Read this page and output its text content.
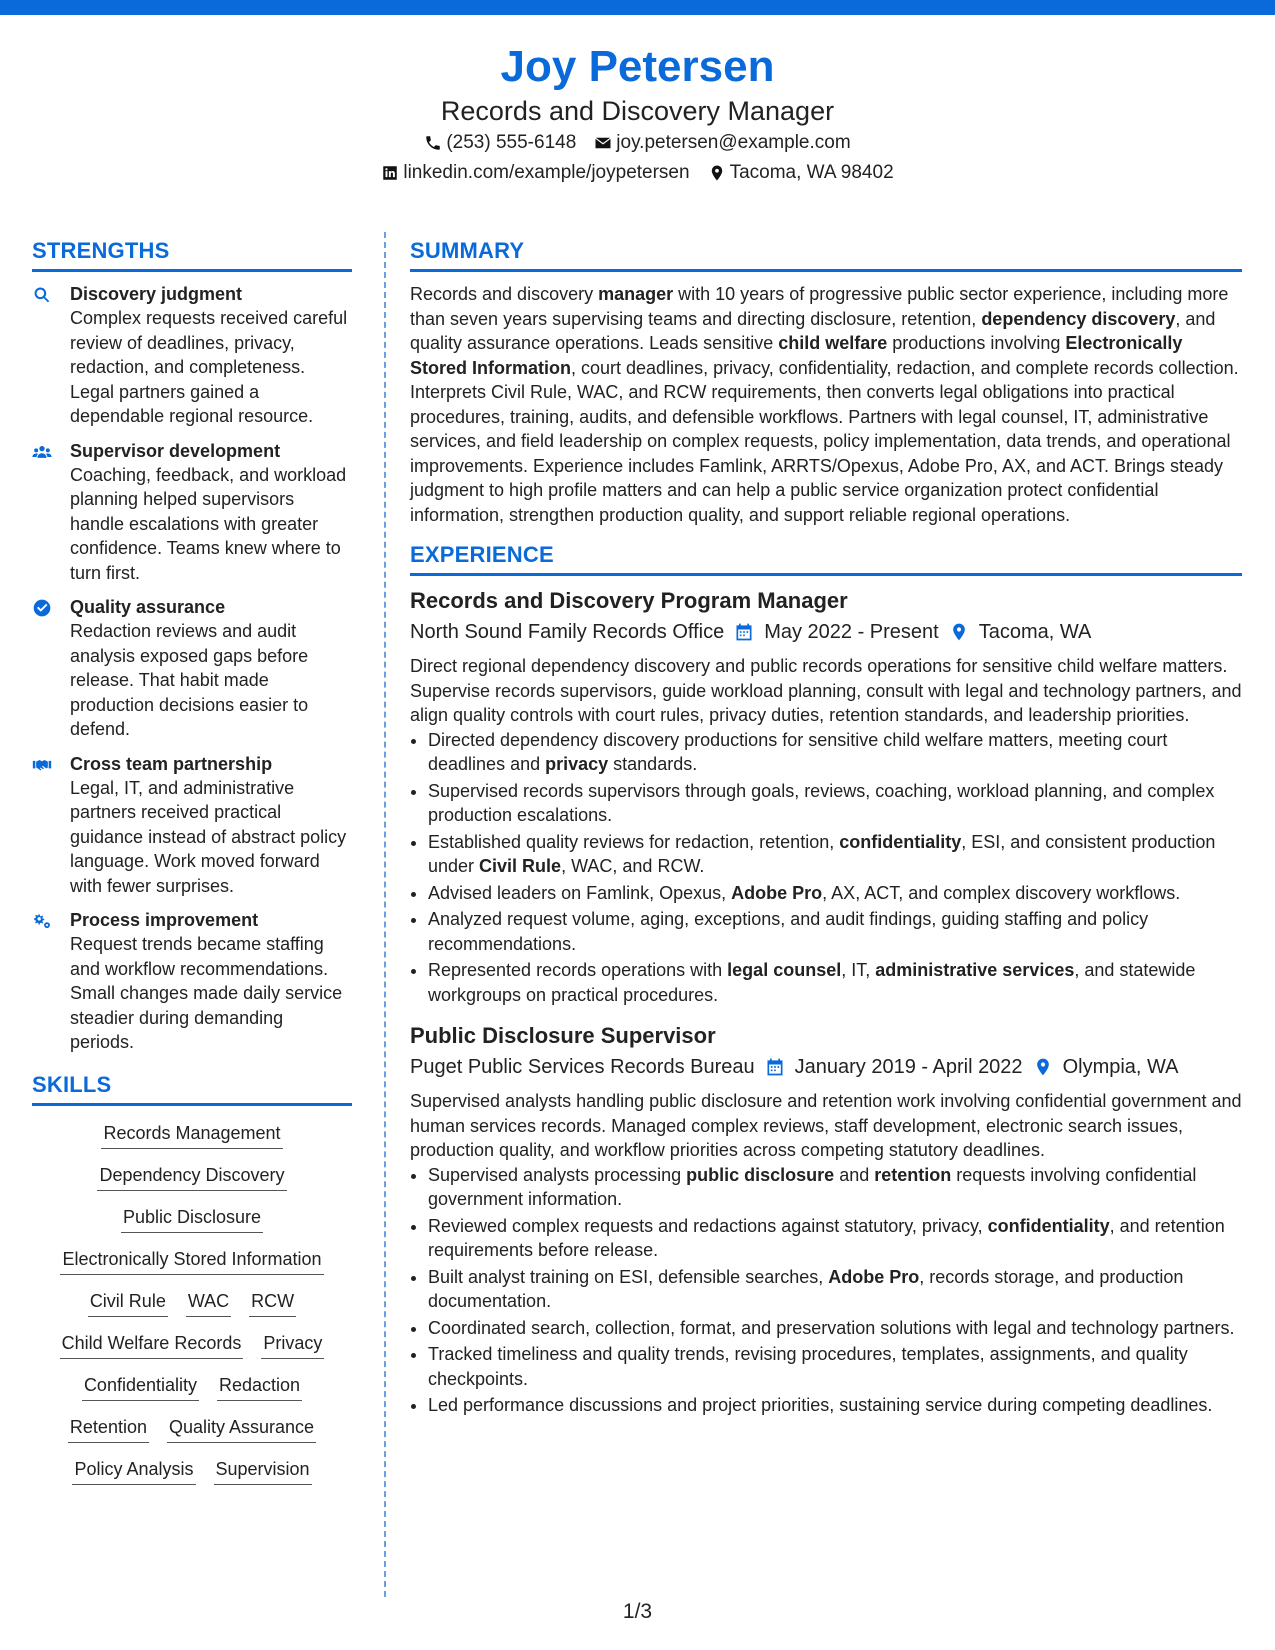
Joy Petersen
Records and Discovery Manager
(253) 555-6148 joy.petersen@example.com
linkedin.com/example/joypetersen Tacoma, WA 98402
STRENGTHS
Discovery judgment
Complex requests received careful review of deadlines, privacy, redaction, and completeness. Legal partners gained a dependable regional resource.
Supervisor development
Coaching, feedback, and workload planning helped supervisors handle escalations with greater confidence. Teams knew where to turn first.
Quality assurance
Redaction reviews and audit analysis exposed gaps before release. That habit made production decisions easier to defend.
Cross team partnership
Legal, IT, and administrative partners received practical guidance instead of abstract policy language. Work moved forward with fewer surprises.
Process improvement
Request trends became staffing and workflow recommendations. Small changes made daily service steadier during demanding periods.
SKILLS
Records Management
Dependency Discovery
Public Disclosure
Electronically Stored Information
Civil Rule WAC RCW
Child Welfare Records Privacy
Confidentiality Redaction
Retention Quality Assurance
Policy Analysis Supervision
SUMMARY
Records and discovery manager with 10 years of progressive public sector experience, including more than seven years supervising teams and directing disclosure, retention, dependency discovery, and quality assurance operations. Leads sensitive child welfare productions involving Electronically Stored Information, court deadlines, privacy, confidentiality, redaction, and complete records collection. Interprets Civil Rule, WAC, and RCW requirements, then converts legal obligations into practical procedures, training, audits, and defensible workflows. Partners with legal counsel, IT, administrative services, and field leadership on complex requests, policy implementation, data trends, and operational improvements. Experience includes Famlink, ARRTS/Opexus, Adobe Pro, AX, and ACT. Brings steady judgment to high profile matters and can help a public service organization protect confidential information, strengthen production quality, and support reliable regional operations.
EXPERIENCE
Records and Discovery Program Manager
North Sound Family Records Office May 2022 - Present Tacoma, WA
Direct regional dependency discovery and public records operations for sensitive child welfare matters. Supervise records supervisors, guide workload planning, consult with legal and technology partners, and align quality controls with court rules, privacy duties, retention standards, and leadership priorities.
• Directed dependency discovery productions for sensitive child welfare matters, meeting court deadlines and privacy standards.
• Supervised records supervisors through goals, reviews, coaching, workload planning, and complex production escalations.
• Established quality reviews for redaction, retention, confidentiality, ESI, and consistent production under Civil Rule, WAC, and RCW.
• Advised leaders on Famlink, Opexus, Adobe Pro, AX, ACT, and complex discovery workflows.
• Analyzed request volume, aging, exceptions, and audit findings, guiding staffing and policy recommendations.
• Represented records operations with legal counsel, IT, administrative services, and statewide workgroups on practical procedures.
Public Disclosure Supervisor
Puget Public Services Records Bureau January 2019 - April 2022 Olympia, WA
Supervised analysts handling public disclosure and retention work involving confidential government and human services records. Managed complex reviews, staff development, electronic search issues, production quality, and workflow priorities across competing statutory deadlines.
• Supervised analysts processing public disclosure and retention requests involving confidential government information.
• Reviewed complex requests and redactions against statutory, privacy, confidentiality, and retention requirements before release.
• Built analyst training on ESI, defensible searches, Adobe Pro, records storage, and production documentation.
• Coordinated search, collection, format, and preservation solutions with legal and technology partners.
• Tracked timeliness and quality trends, revising procedures, templates, assignments, and quality checkpoints.
• Led performance discussions and project priorities, sustaining service during competing deadlines.
1/3
